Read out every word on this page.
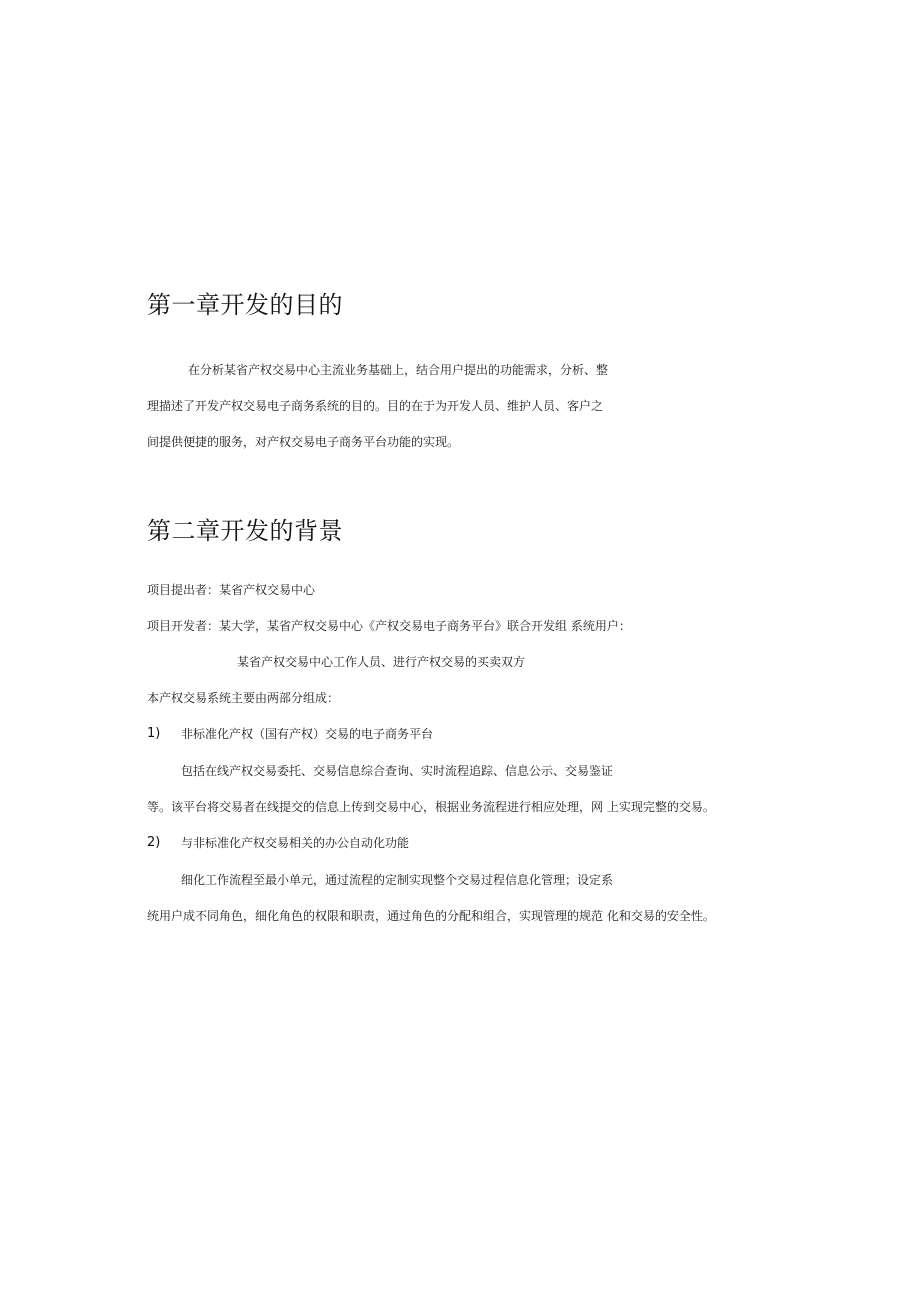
第一章开发的目的

在分析某省产权交易中心主流业务基础上，结合用户提出的功能需求，分析、整

理描述了开发产权交易电子商务系统的目的。目的在于为开发人员、维护人员、客户之

间提供便捷的服务，对产权交易电子商务平台功能的实现。

第二章开发的背景

项目提出者：某省产权交易中心

项目开发者：某大学，某省产权交易中心《产权交易电子商务平台》联合开发组 系统用户：

某省产权交易中心工作人员、进行产权交易的买卖双方

本产权交易系统主要由两部分组成：

1) 非标准化产权（国有产权）交易的电子商务平台

包括在线产权交易委托、交易信息综合查询、实时流程追踪、信息公示、交易鉴证

等。该平台将交易者在线提交的信息上传到交易中心，根据业务流程进行相应处理，网 上实现完整的交易。

2) 与非标准化产权交易相关的办公自动化功能

细化工作流程至最小单元，通过流程的定制实现整个交易过程信息化管理；设定系

统用户成不同角色，细化角色的权限和职责，通过角色的分配和组合，实现管理的规范 化和交易的安全性。
